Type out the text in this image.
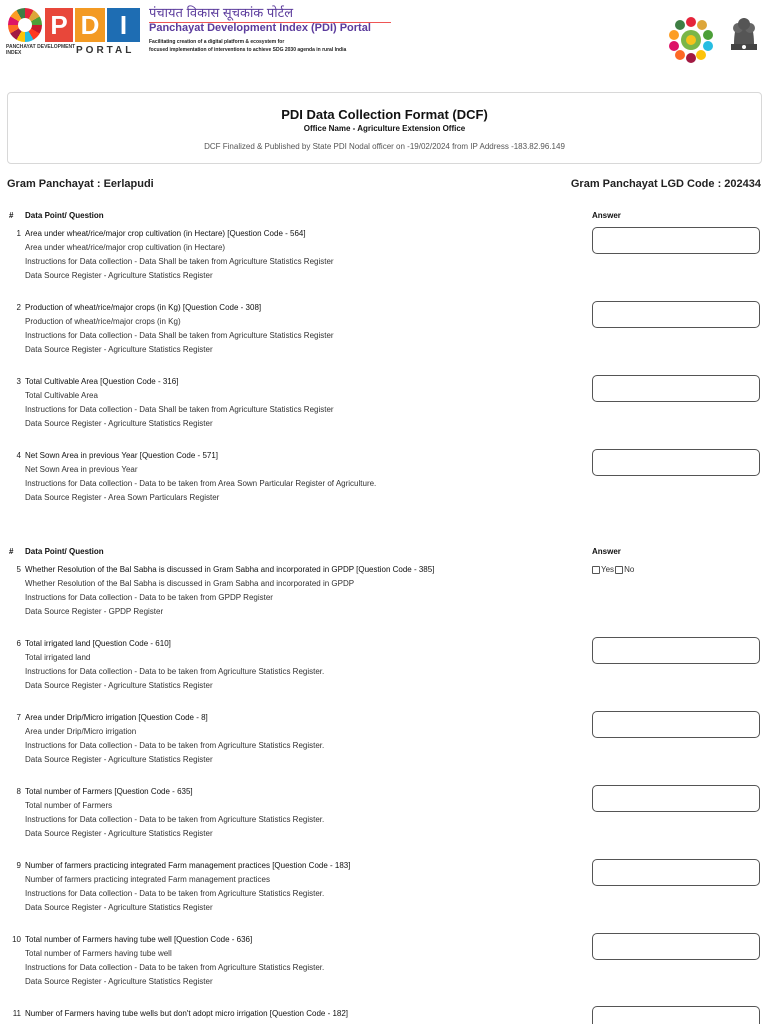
P D I
PANCHAYAT DEVELOPMENT INDEX	PORTAL
पंचायत विकास सूचकांक पोर्टल
Panchayat Development Index (PDI) Portal
Facilitating creation of a digital platform & ecosystem for
focused implementation of interventions to achieve SDG 2030 agenda in rural India
PDI Data Collection Format (DCF)
Office Name - Agriculture Extension Office
DCF Finalized & Published by State PDI Nodal officer on -19/02/2024 from IP Address -183.82.96.149
Gram Panchayat : Eerlapudi	Gram Panchayat LGD Code : 202434
# Data Point/ Question	Answer
1 Area under wheat/rice/major crop cultivation (in Hectare) [Question Code - 564]
Area under wheat/rice/major crop cultivation (in Hectare)
Instructions for Data collection - Data Shall be taken from Agriculture Statistics Register
Data Source Register - Agriculture Statistics Register
2 Production of wheat/rice/major crops (in Kg) [Question Code - 308]
Production of wheat/rice/major crops (in Kg)
Instructions for Data collection - Data Shall be taken from Agriculture Statistics Register
Data Source Register - Agriculture Statistics Register
3 Total Cultivable Area [Question Code - 316]
Total Cultivable Area
Instructions for Data collection - Data Shall be taken from Agriculture Statistics Register
Data Source Register - Agriculture Statistics Register
4 Net Sown Area in previous Year [Question Code - 571]
Net Sown Area in previous Year
Instructions for Data collection - Data to be taken from Area Sown Particular Register of Agriculture.
Data Source Register - Area Sown Particulars Register
# Data Point/ Question	Answer
5 Whether Resolution of the Bal Sabha is discussed in Gram Sabha and incorporated in GPDP [Question Code - 385]
Whether Resolution of the Bal Sabha is discussed in Gram Sabha and incorporated in GPDP
Instructions for Data collection - Data to be taken from GPDP Register
Data Source Register - GPDP Register
Yes No
6 Total irrigated land [Question Code - 610]
Total irrigated land
Instructions for Data collection - Data to be taken from Agriculture Statistics Register.
Data Source Register - Agriculture Statistics Register
7 Area under Drip/Micro irrigation [Question Code - 8]
Area under Drip/Micro irrigation
Instructions for Data collection - Data to be taken from Agriculture Statistics Register.
Data Source Register - Agriculture Statistics Register
8 Total number of Farmers [Question Code - 635]
Total number of Farmers
Instructions for Data collection - Data to be taken from Agriculture Statistics Register.
Data Source Register - Agriculture Statistics Register
9 Number of farmers practicing integrated Farm management practices [Question Code - 183]
Number of farmers practicing integrated Farm management practices
Instructions for Data collection - Data to be taken from Agriculture Statistics Register.
Data Source Register - Agriculture Statistics Register
10 Total number of Farmers having tube well [Question Code - 636]
Total number of Farmers having tube well
Instructions for Data collection - Data to be taken from Agriculture Statistics Register.
Data Source Register - Agriculture Statistics Register
11 Number of Farmers having tube wells but don't adopt micro irrigation [Question Code - 182]
